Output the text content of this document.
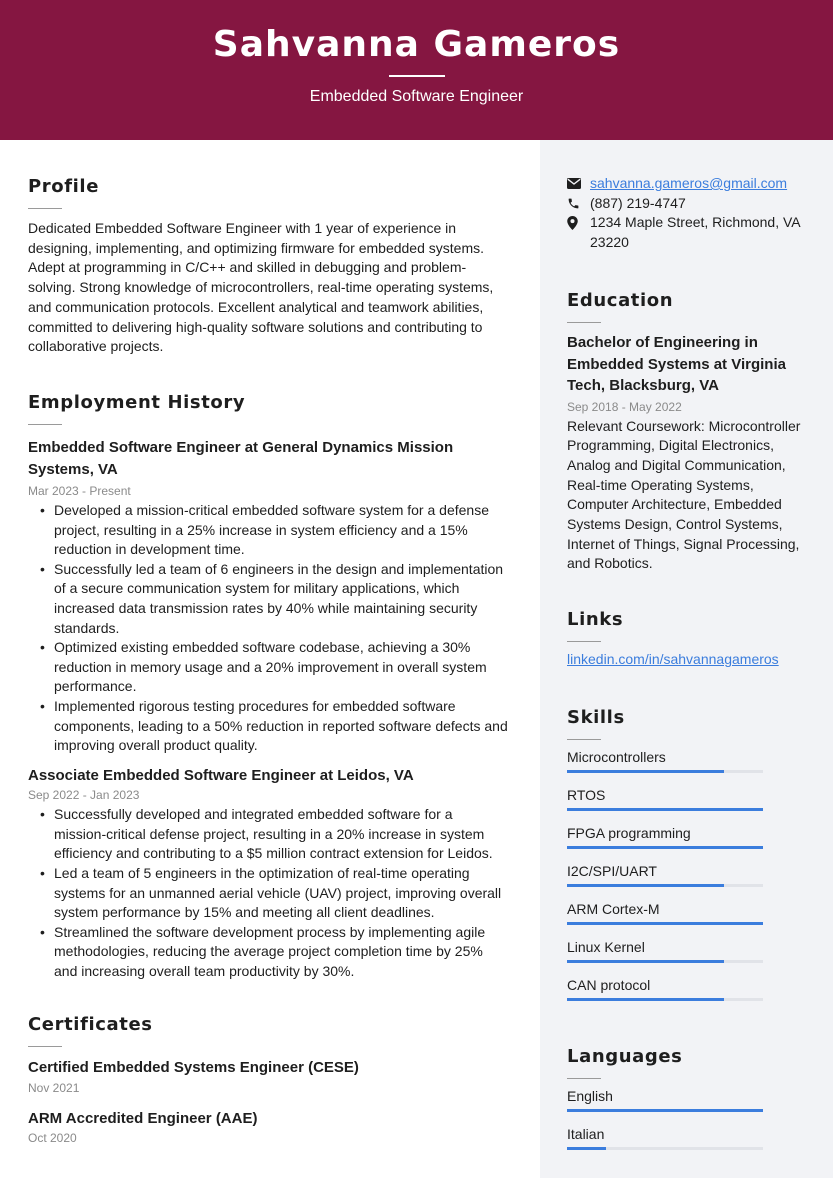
Sahvanna Gameros
Embedded Software Engineer
Profile
Dedicated Embedded Software Engineer with 1 year of experience in designing, implementing, and optimizing firmware for embedded systems. Adept at programming in C/C++ and skilled in debugging and problem-solving. Strong knowledge of microcontrollers, real-time operating systems, and communication protocols. Excellent analytical and teamwork abilities, committed to delivering high-quality software solutions and contributing to collaborative projects.
Employment History
Embedded Software Engineer at General Dynamics Mission Systems, VA
Mar 2023 - Present
• Developed a mission-critical embedded software system for a defense project, resulting in a 25% increase in system efficiency and a 15% reduction in development time.
• Successfully led a team of 6 engineers in the design and implementation of a secure communication system for military applications, which increased data transmission rates by 40% while maintaining security standards.
• Optimized existing embedded software codebase, achieving a 30% reduction in memory usage and a 20% improvement in overall system performance.
• Implemented rigorous testing procedures for embedded software components, leading to a 50% reduction in reported software defects and improving overall product quality.
Associate Embedded Software Engineer at Leidos, VA
Sep 2022 - Jan 2023
• Successfully developed and integrated embedded software for a mission-critical defense project, resulting in a 20% increase in system efficiency and contributing to a $5 million contract extension for Leidos.
• Led a team of 5 engineers in the optimization of real-time operating systems for an unmanned aerial vehicle (UAV) project, improving overall system performance by 15% and meeting all client deadlines.
• Streamlined the software development process by implementing agile methodologies, reducing the average project completion time by 25% and increasing overall team productivity by 30%.
Certificates
Certified Embedded Systems Engineer (CESE)
Nov 2021
ARM Accredited Engineer (AAE)
Oct 2020
sahvanna.gameros@gmail.com
(887) 219-4747
1234 Maple Street, Richmond, VA 23220
Education
Bachelor of Engineering in Embedded Systems at Virginia Tech, Blacksburg, VA
Sep 2018 - May 2022
Relevant Coursework: Microcontroller Programming, Digital Electronics, Analog and Digital Communication, Real-time Operating Systems, Computer Architecture, Embedded Systems Design, Control Systems, Internet of Things, Signal Processing, and Robotics.
Links
linkedin.com/in/sahvannagameros
Skills
Microcontrollers
RTOS
FPGA programming
I2C/SPI/UART
ARM Cortex-M
Linux Kernel
CAN protocol
Languages
English
Italian
